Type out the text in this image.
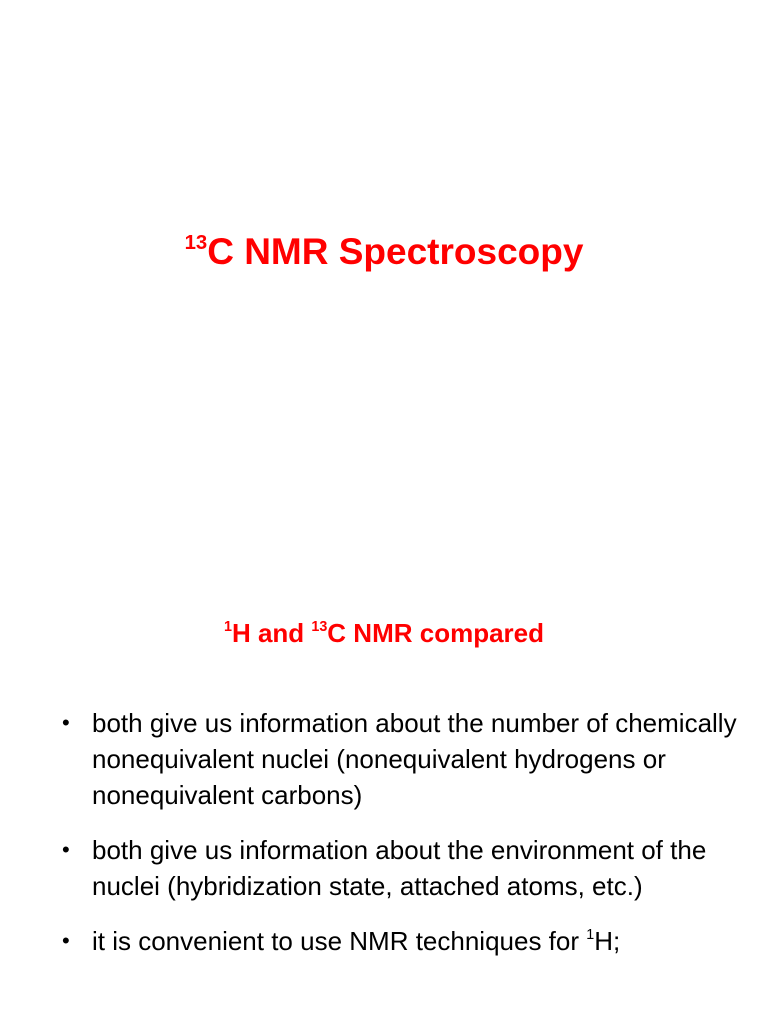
$^{13}$C NMR Spectroscopy
$^1$H and $^{13}$C NMR compared
• both give us information about the number of chemically nonequivalent nuclei (nonequivalent hydrogens or nonequivalent carbons)
• both give us information about the environment of the nuclei (hybridization state, attached atoms, etc.)
• it is convenient to use NMR techniques for $^1$H;
